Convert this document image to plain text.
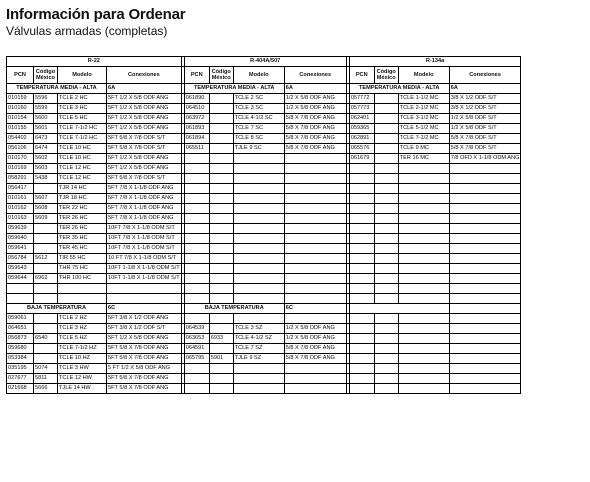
Información para Ordenar
Válvulas armadas (completas)
R-22					R-404A/507					R-134a			
PCN	Código México	Modelo	Conexiones		PCN	Código México	Modelo	Conexiones		PCN	Código México	Modelo	Conexiones
TEMPERATURA MEDIA - ALTA			6A		TEMPERATURA MEDIA - ALTA			6A		TEMPERATURA MEDIA - ALTA			6A
010159	5596	TCLE 2 HC	5FT 1/2 X 5/8 ODF ANG		061890		TCLE 2 SC	1/2 X 5/8 ODF ANG		057772		TCLE 1-1/2 MC	3/8 X 1/2 ODF S/T
010160	5599	TCLE 3 HC	5FT 1/2 X 5/8 ODF ANG		064510		TCLE 3 SC	1/2 X 5/8 ODF ANG		057773		TCLE 2-1/2 MC	3/8 X 1/2 ODF S/T
010154	5600	TCLE 5 HC	5FT 1/2 X 5/8 ODF ANG		063972		TCLE 4-1/2 SC	5/8 X 7/8 ODF ANG		062401		TCLE 3-1/2 MC	1/2 X 5/8 ODF S/T
010155	5601	TCLE 7-1/2 HC	5FT 1/2 X 5/8 ODF ANG		061893		TCLE 7 SC	5/8 X 7/8 ODF ANG		059365		TCLE 5-1/2 MC	1/2 X 5/8 ODF S/T
054402	6473	TCLE 7-1/2 HC	5FT 5/8 X 7/8 ODF S/T		061894		TCLE 8 SC	5/8 X 7/8 ODF ANG		062891		TCLE 7-1/2 MC	5/8 X 7/8 ODF S/T
056106	6474	TCLE 10 HC	5FT 5/8 X 7/8 ODF S/T		065511		TJLE 9 SC	5/8 X 7/8 ODF ANG		065576		TCLE 9 MC	5/8 X 7/8 ODF S/T
010170	5602	TCLE 10 HC	5FT 1/2 X 5/8 ODF ANG							061679		TER 16 MC	7/8 OFD X 1-1/8 ODM ANG
010169	5603	TCLE 12 HC	5FT 1/2 X 5/8 ODF ANG										
058291	5438	TCLE 12 HC	5FT 5/8 X 7/8 ODF S/T										
056417		TJR 14 HC	5FT 7/8 X 1-1/8 ODF ANG										
010161	5607	TJR 18 HC	5FT 7/8 X 1-1/8 ODF ANG										
010162	5608	TER 22 HC	5FT 7/8 X 1-1/8 ODF ANG										
010163	5609	TER 26 HC	5FT 7/8 X 1-1/8 ODF ANG										
059639		TER 26 HC	10FT 7/8 X 1-1/8 ODM S/T										
059640		TER 35 HC	10FT 7/8 X 1-1/8 ODM S/T										
059641		TER 45 HC	10FT 7/8 X 1-1/8 ODM S/T										
056784	5612	TIR 55 HC	10 FT 7/8 X 1-1/8 ODM S/T										
059643		THR 75 HC	10FT 1-1/8 X 1-1/8 ODM S/T										
059644	6962	THR 100 HC	10FT 1-1/8 X 1-1/8 ODM S/T										

BAJA TEMPERATURA			6C		BAJA TEMPERATURA			6C					
059061		TCLE 2 HZ	5FT 3/8 X 1/2 ODF ANG										
064651		TCLE 3 HZ	5FT 3/8 X 1/2 ODF S/T		064539		TCLE 3 SZ	1/2 X 5/8 ODF ANG					
056873	6540	TCLE 5 HZ	5FT 1/2 X 5/8 ODF ANG		063653	6933	TCLE 4-1/2 SZ	1/2 X 5/8 ODF ANG					
059680		TCLE 7-1/2 HZ	5FT 5/8 X 7/8 ODF ANG		064591		TCLE 7 SZ	5/8 X 7/8 ODF ANG					
053384		TCLE 10 HZ	5FT 5/8 X 7/8 ODF ANG		065795	5901	TJLE 9 SZ	5/8 X 7/8 ODF ANG					
035195	5074	TCLE 3 HW	5 FT 1/2 X 5/8 ODF ANG										
027677	5811	TCLE 12 HW	5FT 5/8 X 7/8 ODF ANG										
021668	5666	TJLE 14 HW	5FT 5/8 X 7/8 ODF ANG										
